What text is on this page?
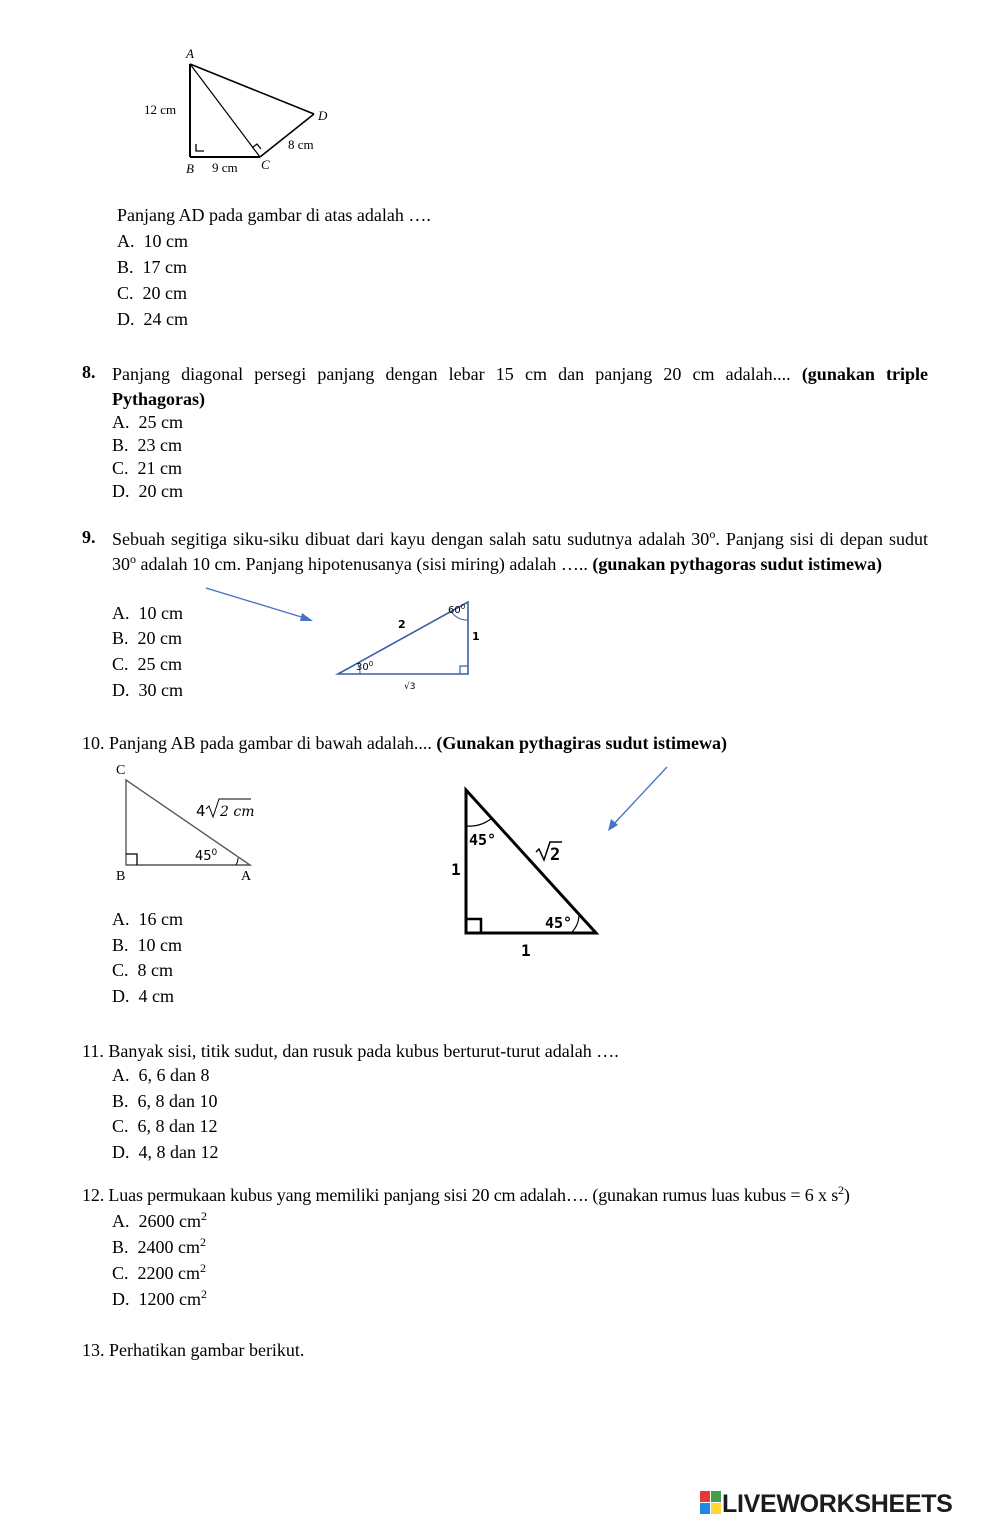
A
D
B	C
12 cm
9 cm
8 cm
Panjang AD pada gambar di atas adalah ….
A. 10 cm
B. 17 cm
C. 20 cm
D. 24 cm
8. Panjang diagonal persegi panjang dengan lebar 15 cm dan panjang 20 cm adalah.... (gunakan triple Pythagoras)
A. 25 cm
B. 23 cm
C. 21 cm
D. 20 cm
9. Sebuah segitiga siku-siku dibuat dari kayu dengan salah satu sudutnya adalah 30$^o$. Panjang sisi di depan sudut 30$^o$ adalah 10 cm. Panjang hipotenusanya (sisi miring) adalah ….. (gunakan pythagoras sudut istimewa)
A. 10 cm
B. 20 cm
C. 25 cm
D. 30 cm
$60^0$
$30^0$
2
1
√3
10. Panjang AB pada gambar di bawah adalah.... (Gunakan pythagiras sudut istimewa)
C
B	A
4 2 cm
$45^0$
45°
45°
1
1
2
A. 16 cm
B. 10 cm
C. 8 cm
D. 4 cm
11. Banyak sisi, titik sudut, dan rusuk pada kubus berturut-turut adalah ….
A. 6, 6 dan 8
B. 6, 8 dan 10
C. 6, 8 dan 12
D. 4, 8 dan 12
12. Luas permukaan kubus yang memiliki panjang sisi 20 cm adalah…. (gunakan rumus luas kubus = 6 x $s^2$)
A. 2600 $cm^2$
B. 2400 $cm^2$
C. 2200 $cm^2$
D. 1200 $cm^2$
13. Perhatikan gambar berikut.
LIVEWORKSHEETS
